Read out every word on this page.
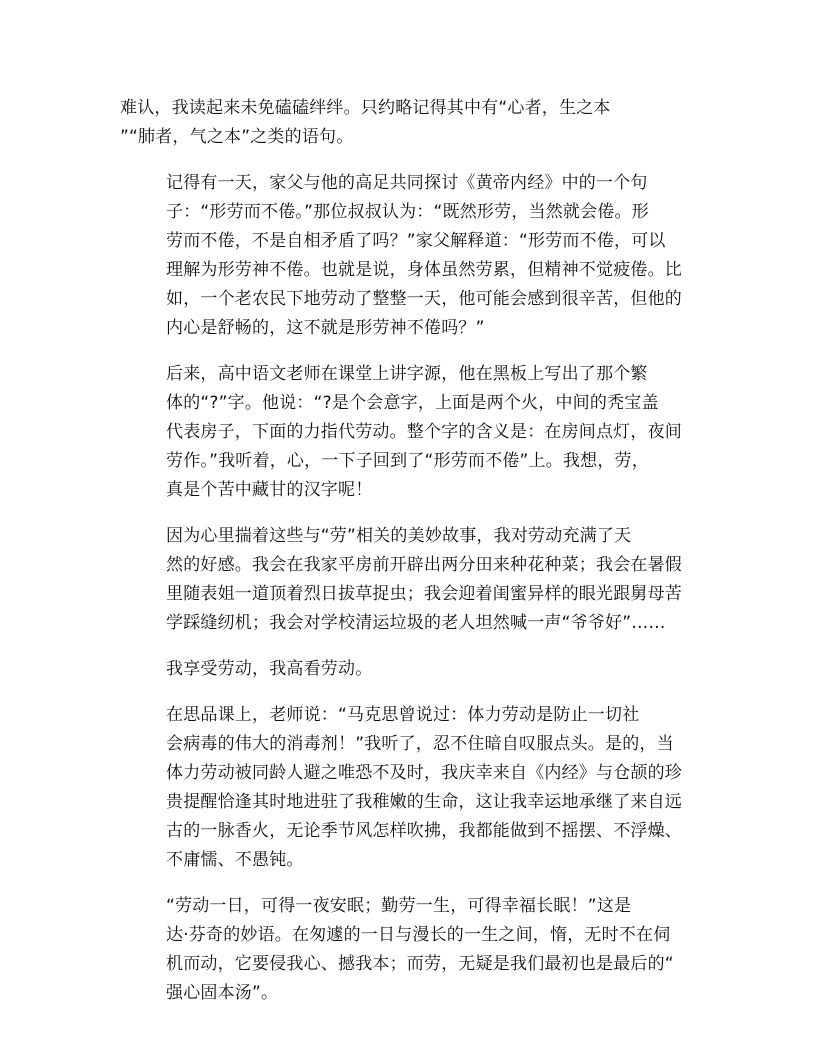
难认，我读起来未免磕磕绊绊。只约略记得其中有“心者，生之本
”“肺者，气之本”之类的语句。

记得有一天，家父与他的高足共同探讨《黄帝内经》中的一个句
子：“形劳而不倦。”那位叔叔认为：“既然形劳，当然就会倦。形
劳而不倦，不是自相矛盾了吗？”家父解释道：“形劳而不倦，可以
理解为形劳神不倦。也就是说，身体虽然劳累，但精神不觉疲倦。比
如，一个老农民下地劳动了整整一天，他可能会感到很辛苦，但他的
内心是舒畅的，这不就是形劳神不倦吗？”

后来，高中语文老师在课堂上讲字源，他在黑板上写出了那个繁
体的“?”字。他说：“?是个会意字，上面是两个火，中间的秃宝盖
代表房子，下面的力指代劳动。整个字的含义是：在房间点灯，夜间
劳作。”我听着，心，一下子回到了“形劳而不倦”上。我想，劳，
真是个苦中藏甘的汉字呢！

因为心里揣着这些与“劳”相关的美妙故事，我对劳动充满了天
然的好感。我会在我家平房前开辟出两分田来种花种菜；我会在暑假
里随表姐一道顶着烈日拔草捉虫；我会迎着闺蜜异样的眼光跟舅母苦
学踩缝纫机；我会对学校清运垃圾的老人坦然喊一声“爷爷好”……

我享受劳动，我高看劳动。

在思品课上，老师说：“马克思曾说过：体力劳动是防止一切社
会病毒的伟大的消毒剂！”我听了，忍不住暗自叹服点头。是的，当
体力劳动被同龄人避之唯恐不及时，我庆幸来自《内经》与仓颉的珍
贵提醒恰逢其时地进驻了我稚嫩的生命，这让我幸运地承继了来自远
古的一脉香火，无论季节风怎样吹拂，我都能做到不摇摆、不浮燥、
不庸懦、不愚钝。

“劳动一日，可得一夜安眠；勤劳一生，可得幸福长眠！”这是
达·芬奇的妙语。在匆遽的一日与漫长的一生之间，惰，无时不在伺
机而动，它要侵我心、撼我本；而劳，无疑是我们最初也是最后的“
强心固本汤”。
